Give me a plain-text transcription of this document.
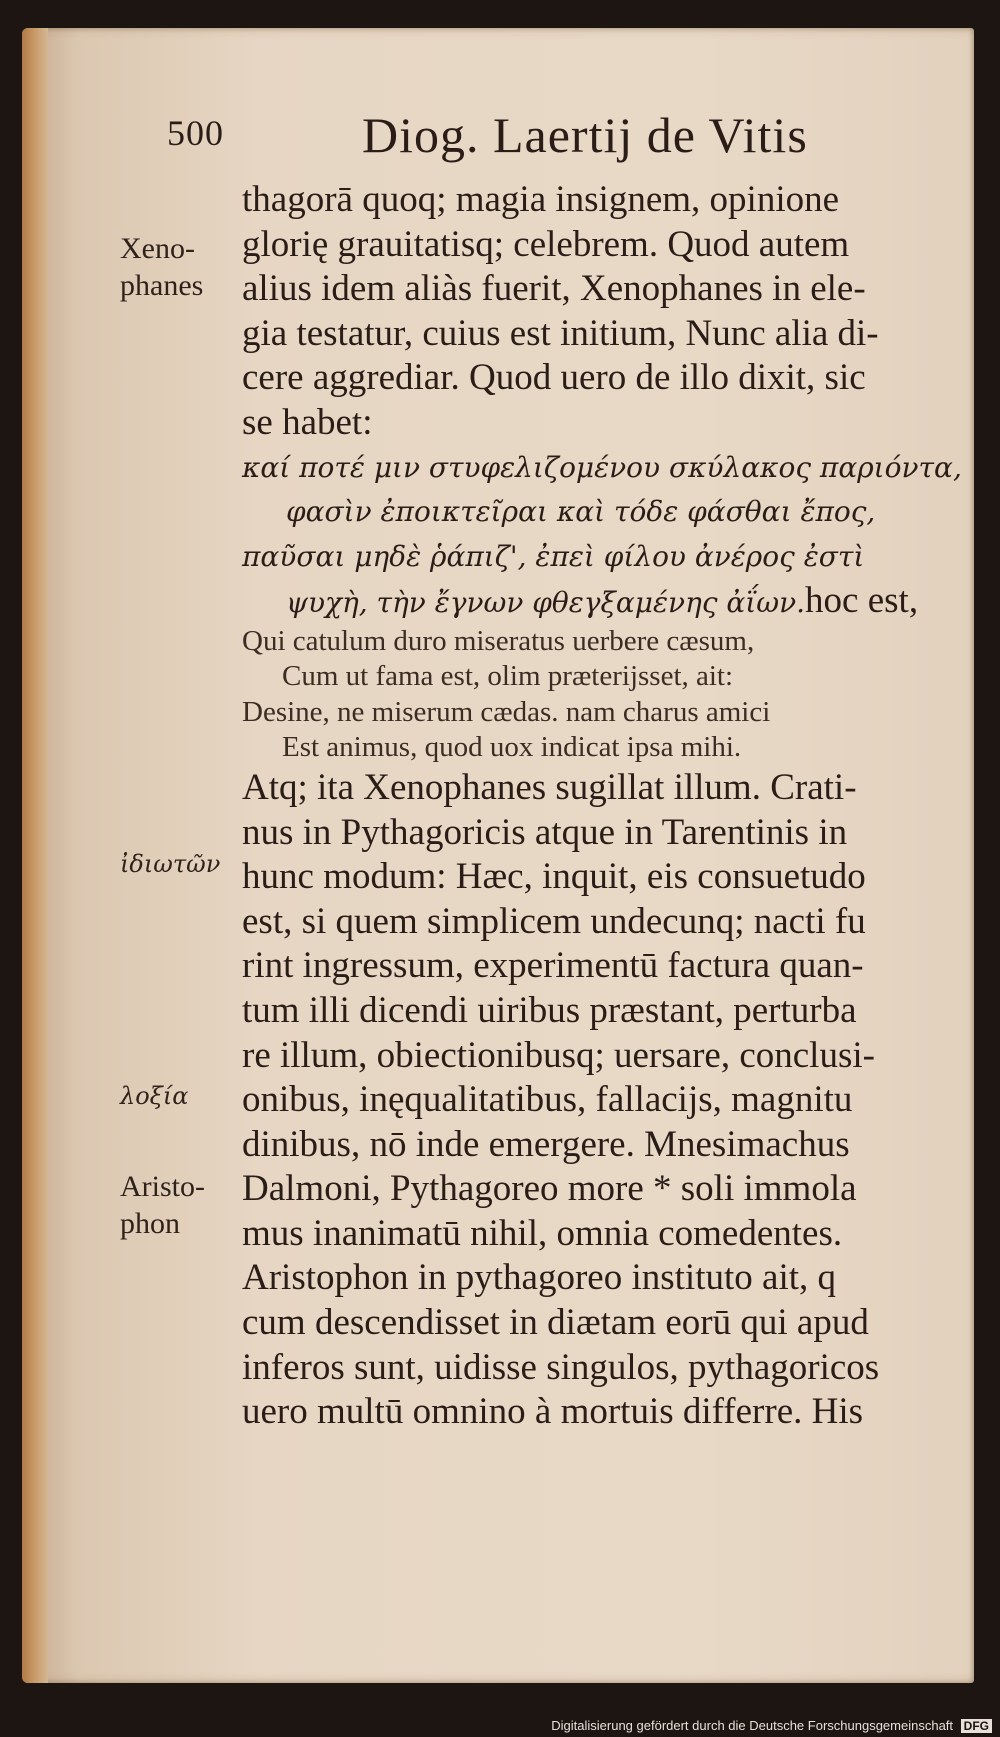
500	Diog. Laertij de Vitis
Xeno-
phanes
ἰδιωτῶν
λοξία
Aristo-
phon
thagorā quoq; magia insignem, opinione
glorię grauitatisq; celebrem. Quod autem
alius idem aliàs fuerit, Xenophanes in ele-
gia testatur, cuius est initium, Nunc alia di-
cere aggrediar. Quod uero de illo dixit, sic
se habet:
καί ποτέ μιν στυφελιζομένου σκύλακος παριόντα,
φασὶν ἐποικτεῖραι καὶ τόδε φάσθαι ἔπος,
παῦσαι μηδὲ ῥάπιζ', ἐπεὶ φίλου ἀνέρος ἐστὶ
ψυχὴ, τὴν ἔγνων φθεγξαμένης ἀΐων.hoc est,
Qui catulum duro miseratus uerbere cæsum,
Cum ut fama est, olim præterijsset, ait:
Desine, ne miserum cædas. nam charus amici
Est animus, quod uox indicat ipsa mihi.
Atq; ita Xenophanes sugillat illum. Crati-
nus in Pythagoricis atque in Tarentinis in
hunc modum: Hæc, inquit, eis consuetudo
est, si quem simplicem undecunq; nacti fu
rint ingressum, experimentū factura quan-
tum illi dicendi uiribus præstant, perturba
re illum, obiectionibusq; uersare, conclusi-
onibus, inęqualitatibus, fallacijs, magnitu
dinibus, nō inde emergere. Mnesimachus
Dalmoni, Pythagoreo more * soli immola
mus inanimatū nihil, omnia comedentes.
Aristophon in pythagoreo instituto ait, q
cum descendisset in diætam eorū qui apud
inferos sunt, uidisse singulos, pythagoricos
uero multū omnino à mortuis differre. His
Digitalisierung gefördert durch die Deutsche Forschungsgemeinschaft DFG
